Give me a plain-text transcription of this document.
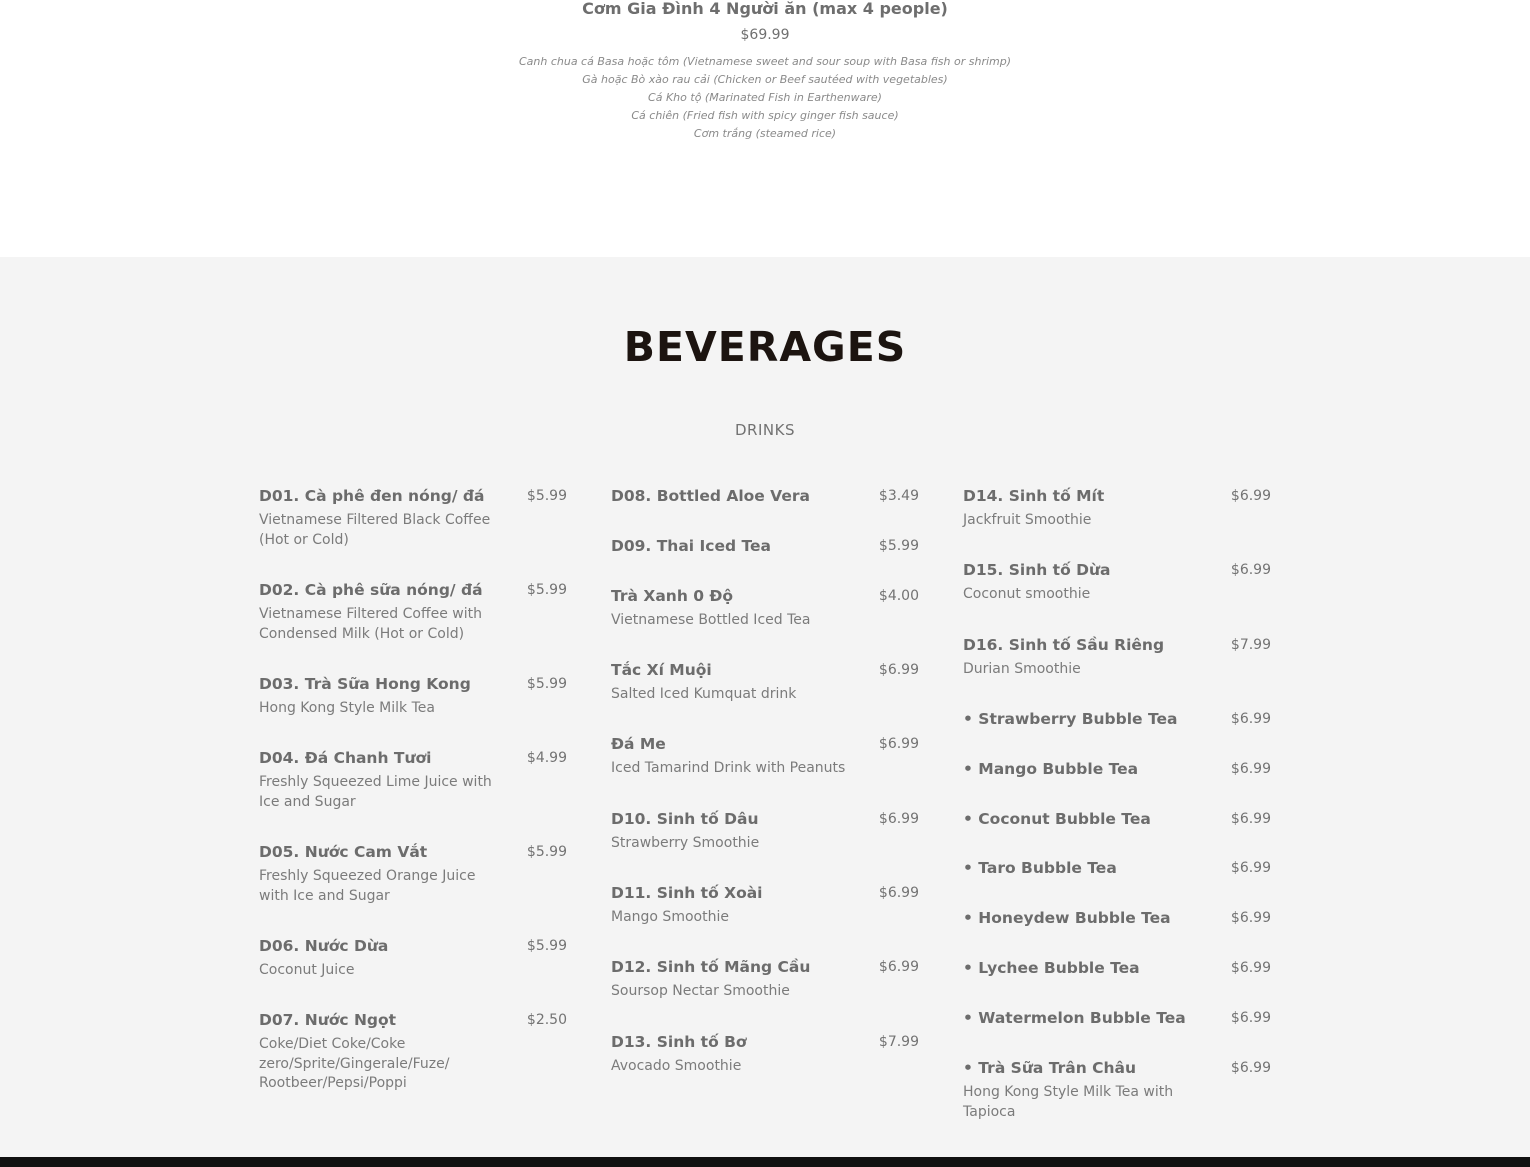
Cơm Gia Đình 4 Người ăn (max 4 people)
$69.99
Canh chua cá Basa hoặc tôm (Vietnamese sweet and sour soup with Basa fish or shrimp)
Gà hoặc Bò xào rau cải (Chicken or Beef sautéed with vegetables)
Cá Kho tộ (Marinated Fish in Earthenware)
Cá chiên (Fried fish with spicy ginger fish sauce)
Cơm trắng (steamed rice)
BEVERAGES
DRINKS
D01. Cà phê đen nóng/ đá	$5.99
Vietnamese Filtered Black Coffee (Hot or Cold)
D02. Cà phê sữa nóng/ đá	$5.99
Vietnamese Filtered Coffee with Condensed Milk (Hot or Cold)
D03. Trà Sữa Hong Kong	$5.99
Hong Kong Style Milk Tea
D04. Đá Chanh Tươi	$4.99
Freshly Squeezed Lime Juice with Ice and Sugar
D05. Nước Cam Vắt	$5.99
Freshly Squeezed Orange Juice with Ice and Sugar
D06. Nước Dừa	$5.99
Coconut Juice
D07. Nước Ngọt	$2.50
Coke/Diet Coke/Coke zero/Sprite/Gingerale/Fuze/ Rootbeer/Pepsi/Poppi
D08. Bottled Aloe Vera	$3.49
D09. Thai Iced Tea	$5.99
Trà Xanh 0 Độ	$4.00
Vietnamese Bottled Iced Tea
Tắc Xí Muội	$6.99
Salted Iced Kumquat drink
Đá Me	$6.99
Iced Tamarind Drink with Peanuts
D10. Sinh tố Dâu	$6.99
Strawberry Smoothie
D11. Sinh tố Xoài	$6.99
Mango Smoothie
D12. Sinh tố Mãng Cầu	$6.99
Soursop Nectar Smoothie
D13. Sinh tố Bơ	$7.99
Avocado Smoothie
D14. Sinh tố Mít	$6.99
Jackfruit Smoothie
D15. Sinh tố Dừa	$6.99
Coconut smoothie
D16. Sinh tố Sầu Riêng	$7.99
Durian Smoothie
• Strawberry Bubble Tea	$6.99
• Mango Bubble Tea	$6.99
• Coconut Bubble Tea	$6.99
• Taro Bubble Tea	$6.99
• Honeydew Bubble Tea	$6.99
• Lychee Bubble Tea	$6.99
• Watermelon Bubble Tea	$6.99
• Trà Sữa Trân Châu	$6.99
Hong Kong Style Milk Tea with Tapioca
